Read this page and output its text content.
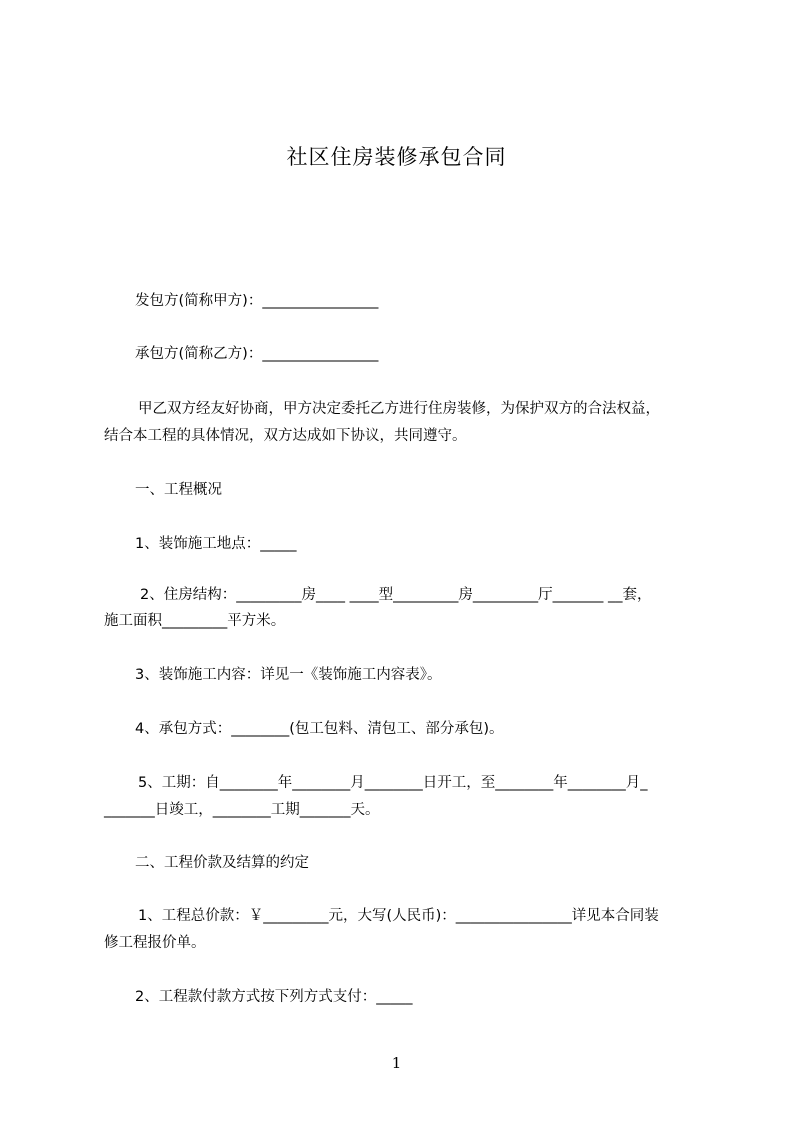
社区住房装修承包合同
发包方(简称甲方)：________________
承包方(简称乙方)：________________
甲乙双方经友好协商，甲方决定委托乙方进行住房装修，为保护双方的合法权益，
结合本工程的具体情况，双方达成如下协议，共同遵守。
一、工程概况
1、装饰施工地点：_____
2、住房结构：_________房____ ____型_________房_________厅_______ __套，
施工面积_________平方米。
3、装饰施工内容：详见一《装饰施工内容表》。
4、承包方式：________(包工包料、清包工、部分承包)。
5、工期：自________年________月________日开工，至________年________月_
_______日竣工，________工期_______天。
二、工程价款及结算的约定
1、工程总价款：￥_________元，大写(人民币)：________________详见本合同装
修工程报价单。
2、工程款付款方式按下列方式支付：_____
1
